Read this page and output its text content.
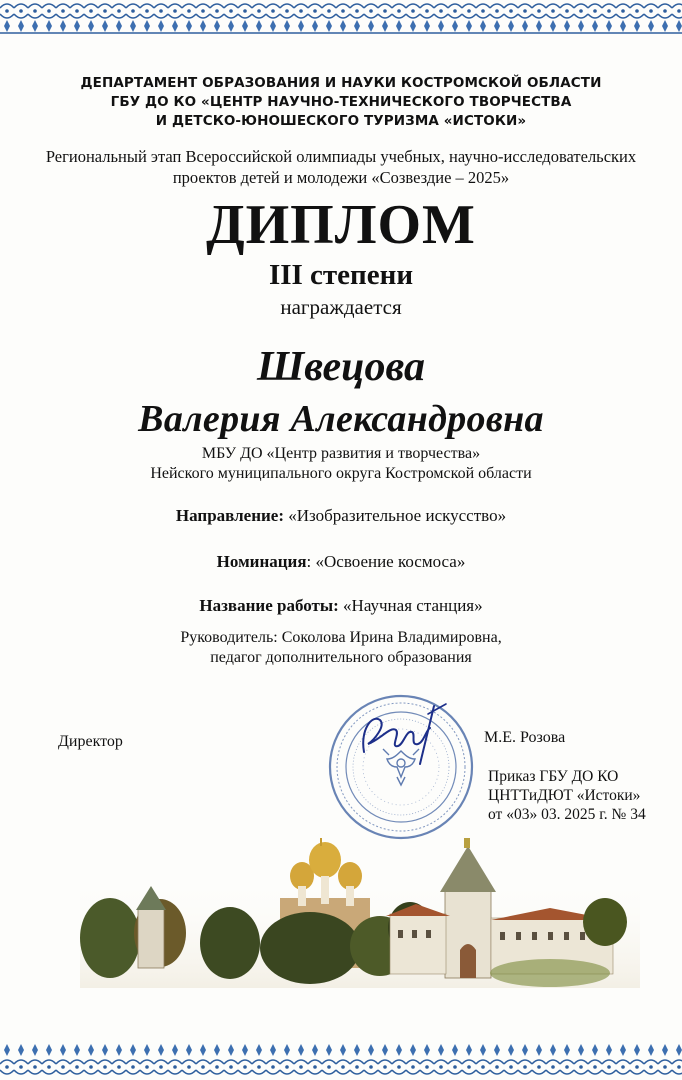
ДЕПАРТАМЕНТ ОБРАЗОВАНИЯ И НАУКИ КОСТРОМСКОЙ ОБЛАСТИ
ГБУ ДО КО «ЦЕНТР НАУЧНО-ТЕХНИЧЕСКОГО ТВОРЧЕСТВА
И ДЕТСКО-ЮНОШЕСКОГО ТУРИЗМА «ИСТОКИ»
Региональный этап Всероссийской олимпиады учебных, научно-исследовательских
проектов детей и молодежи «Созвездие – 2025»
ДИПЛОМ
III степени
награждается
Швецова
Валерия Александровна
МБУ ДО «Центр развития и творчества»
Нейского муниципального округа Костромской области
Направление: «Изобразительное искусство»
Номинация: «Освоение космоса»
Название работы: «Научная станция»
Руководитель: Соколова Ирина Владимировна,
педагог дополнительного образования
Директор	М.Е. Розова
Приказ ГБУ ДО КО
ЦНТТиДЮТ «Истоки»
от «03» 03. 2025 г. № 34
